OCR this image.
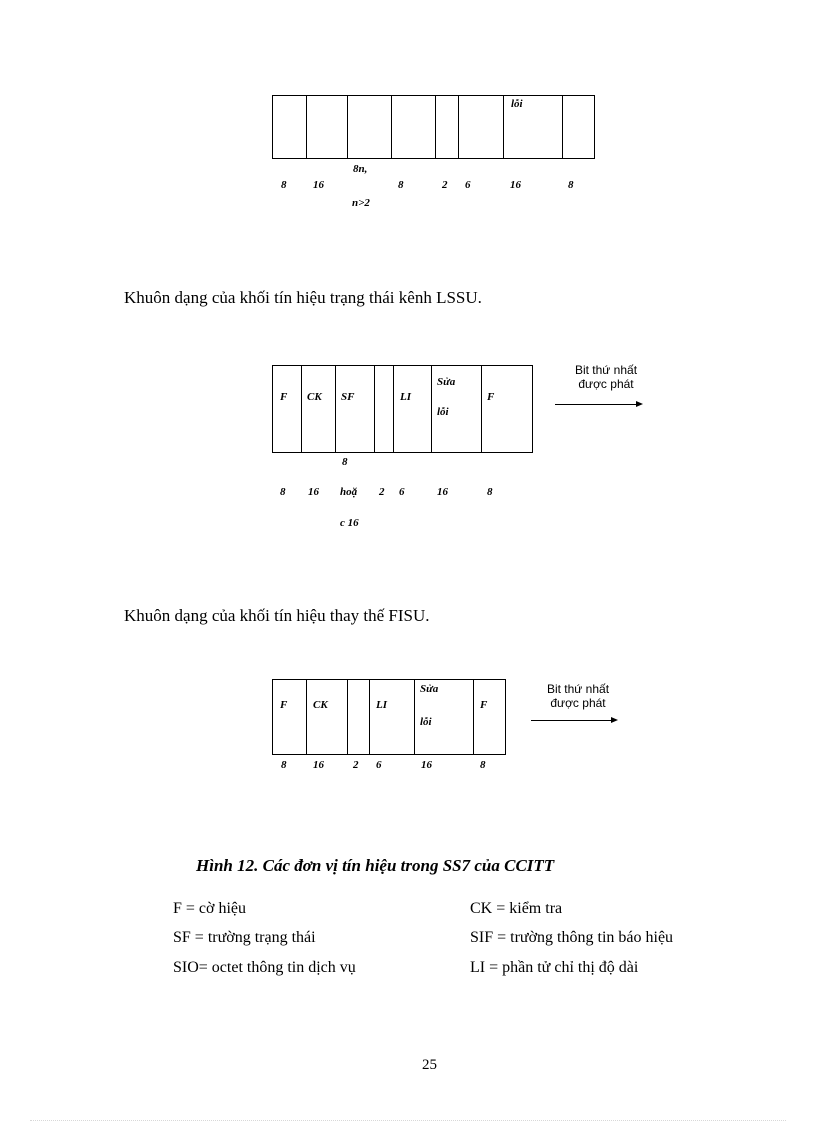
lỗi
8 16
8n,
n>2
8	2 6	16	8
Khuôn dạng của khối tín hiệu trạng thái kênh LSSU.
F CK SF	LI
Sửa
lỗi
F
8
8
16 hoặ 2 6	16	8
c 16
Bit thứ nhất
được phát
Khuôn dạng của khối tín hiệu thay thế FISU.
F CK	LI
Sửa
lỗi
F
8 16	2 6	16	8
Bit thứ nhất
được phát
Hình 12. Các đơn vị tín hiệu trong SS7 của CCITT
F = cờ hiệu	CK = kiểm tra
SF = trường trạng thái	SIF = trường thông tin báo hiệu
SIO= octet thông tin dịch vụ	LI = phần tử chỉ thị độ dài
25
